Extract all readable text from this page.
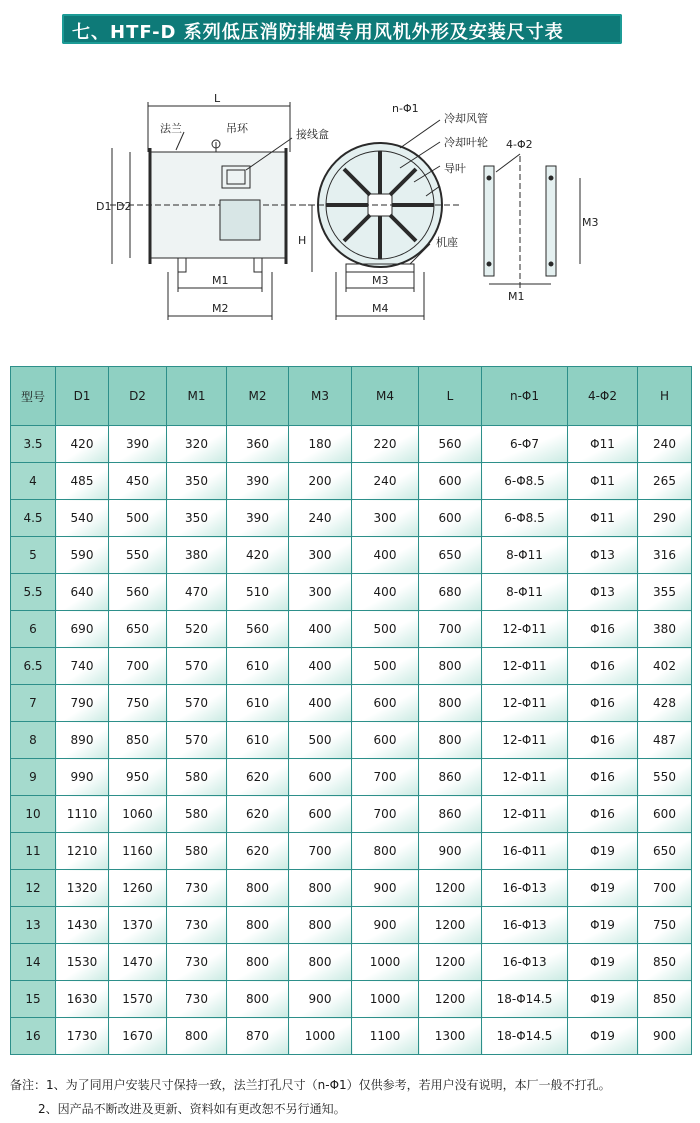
七、HTF-D 系列低压消防排烟专用风机外形及安装尺寸表
L
法兰	吊环	接线盒
D1 D2
M1
M2
n-Φ1
冷却风管
冷却叶轮
导叶
H	机座
M3
M4
4-Φ2
M3
M1
型号	D1	D2	M1	M2	M3	M4	L	n-Φ1	4-Φ2	H
3.5	420	390	320	360	180	220	560	6-Φ7	Φ11	240
4	485	450	350	390	200	240	600	6-Φ8.5	Φ11	265
4.5	540	500	350	390	240	300	600	6-Φ8.5	Φ11	290
5	590	550	380	420	300	400	650	8-Φ11	Φ13	316
5.5	640	560	470	510	300	400	680	8-Φ11	Φ13	355
6	690	650	520	560	400	500	700	12-Φ11	Φ16	380
6.5	740	700	570	610	400	500	800	12-Φ11	Φ16	402
7	790	750	570	610	400	600	800	12-Φ11	Φ16	428
8	890	850	570	610	500	600	800	12-Φ11	Φ16	487
9	990	950	580	620	600	700	860	12-Φ11	Φ16	550
10	1110	1060	580	620	600	700	860	12-Φ11	Φ16	600
11	1210	1160	580	620	700	800	900	16-Φ11	Φ19	650
12	1320	1260	730	800	800	900	1200	16-Φ13	Φ19	700
13	1430	1370	730	800	800	900	1200	16-Φ13	Φ19	750
14	1530	1470	730	800	800	1000	1200	16-Φ13	Φ19	850
15	1630	1570	730	800	900	1000	1200	18-Φ14.5	Φ19	850
16	1730	1670	800	870	1000	1100	1300	18-Φ14.5	Φ19	900
备注：1、为了同用户安装尺寸保持一致，法兰打孔尺寸（n-Φ1）仅供参考，若用户没有说明，本厂一般不打孔。
2、因产品不断改进及更新、资料如有更改恕不另行通知。
